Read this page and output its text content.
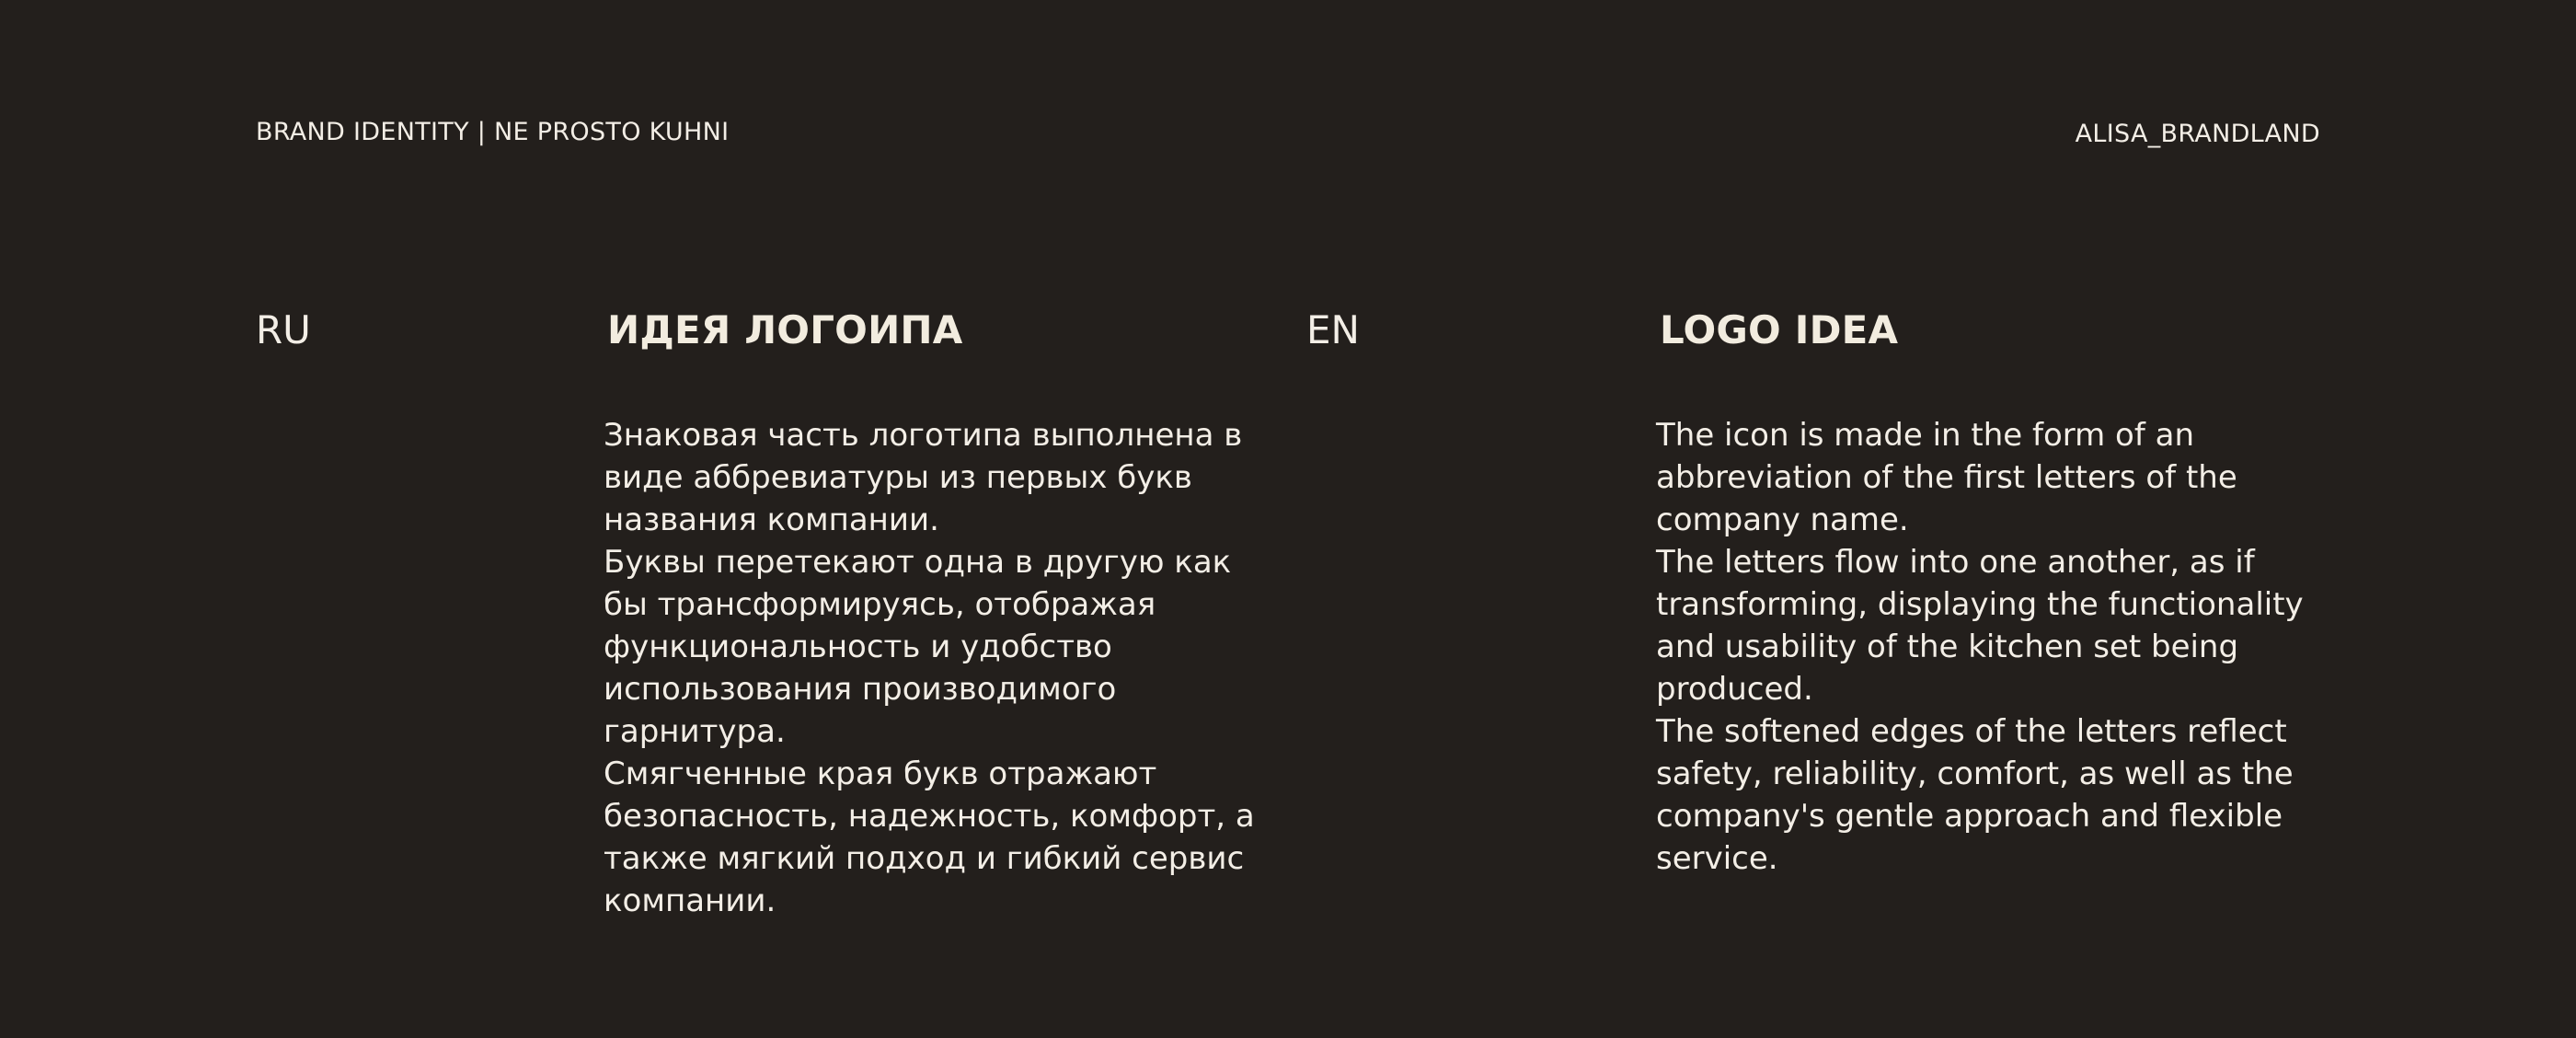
BRAND IDENTITY | NE PROSTO KUHNI	ALISA_BRANDLAND
RU	ИДЕЯ ЛОГОИПА

Знаковая часть логотипа выполнена в виде аббревиатуры из первых букв названия компании.

Буквы перетекают одна в другую как бы трансформируясь, отображая функциональность и удобство использования производимого гарнитура.

Смягченные края букв отражают безопасность, надежность, комфорт, а также мягкий подход и гибкий сервис компании.

EN	LOGO IDEA

The icon is made in the form of an abbreviation of the first letters of the company name.

The letters flow into one another, as if transforming, displaying the functionality and usability of the kitchen set being produced.

The softened edges of the letters reflect safety, reliability, comfort, as well as the company's gentle approach and flexible service.
